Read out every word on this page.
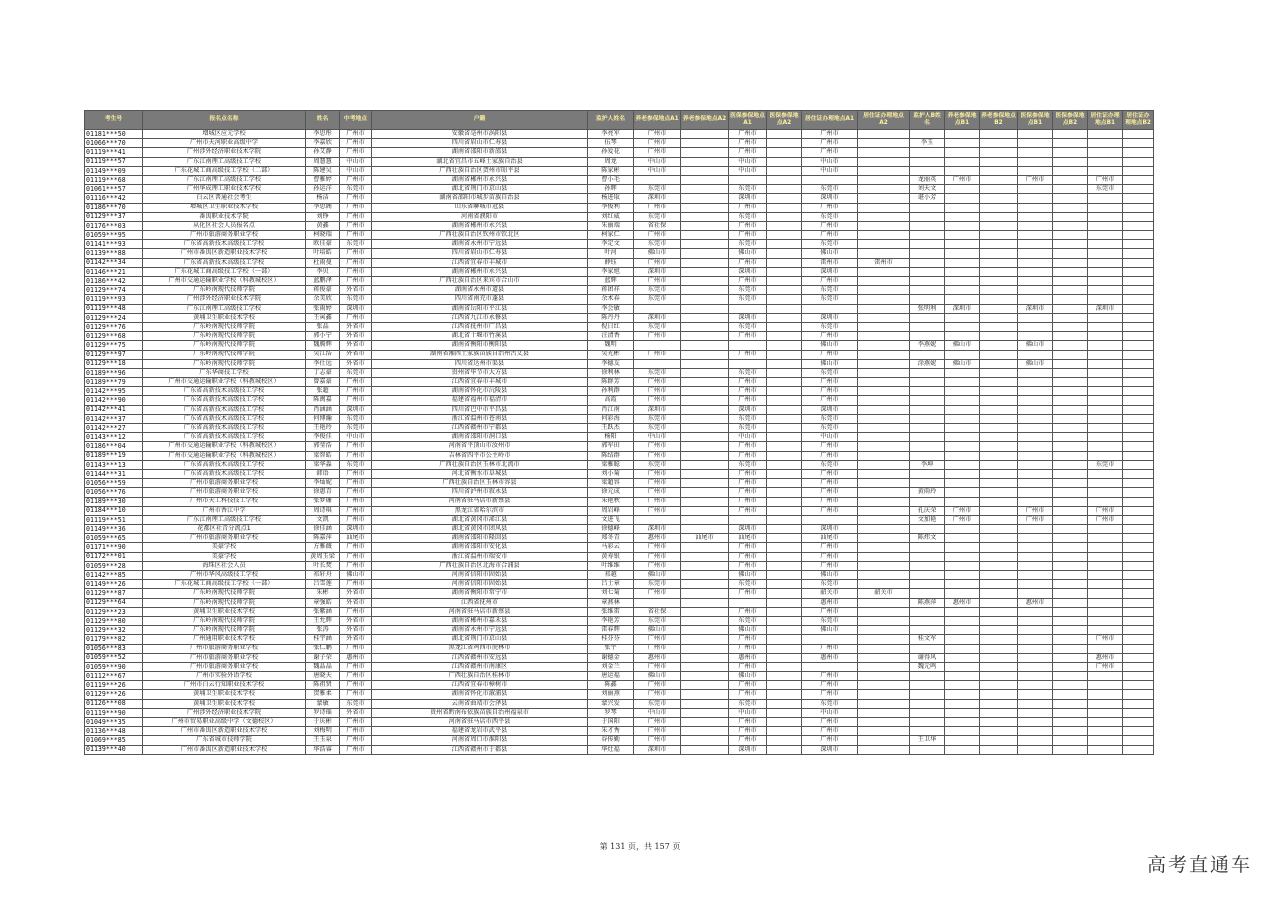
考生号	报名点名称	姓名	中考地点	户籍	监护人姓名	养老参保地点A1	养老参保地点A2	医保参保地点A1	医保参保地点A2	居住证办理地点A1	居住证办理地点A2	监护人B姓名	养老参保地点B1	养老参保地点B2	医保参保地点B1	医保参保地点B2	居住证办理地点B1	居住证办理地点B2
01181***50	增城区应元学校	李思彤	广州市	安徽省亳州市涡阳县	李亮军	广州市		广州市		广州市								
01066***70	广州市天河职业高级中学	李嘉欣	广州市	四川省眉山市仁寿县	伍琴	广州市		广州市		广州市		李玉						
01119***41	广州涉外经济职业技术学院	孙艾静	广州市	湖南省邵阳市新邵县	孙爱花	广州市		广州市		广州市								
01119***57	广东江南理工高级技工学校	周慧慧	中山市	湖北省宜昌市五峰土家族自治县	周龙	中山市		中山市		中山市								
01149***09	广东花城工商高级技工学校（二部）	陈建吴	中山市	广西壮族自治区贺州市昭平县	陈家彬	中山市		中山市		中山市								
01119***68	广东江南理工高级技工学校	曹雅婷	广州市	湖南省郴州市永兴县	曹小毛							龙丽英	广州市		广州市		广州市	
01061***57	广州华成理工职业技术学校	孙运洋	东莞市	湖北省荆门市京山县	孙辉	东莞市		东莞市		东莞市		刘天文					东莞市	
01116***42	白云区普通社会考生	杨洁	广州市	湖南省邵阳市城步苗族自治县	杨进取	深圳市		深圳市		深圳市		谌小芳						
01186***70	增城区卫生职业技术学校	李思阁	广州市	山东省聊城市冠县	李俊利	广州市		广州市		广州市								
01129***37	番禺职业技术学院	刘铮	广州市	河南省濮阳市	刘红威	东莞市		东莞市		东莞市								
01176***03	从化区社会人员报名点	黄鑫	广州市	湖南省郴州市永兴县	朱丽端	省社保		广州市		广州市								
01059***95	广州市旅游商务职业学校	柯晓瑞	广州市	广西壮族自治区钦州市钦北区	柯家仁	广州市		广州市		广州市								
01141***93	广东省高新技术高级技工学校	欧佳豪	东莞市	湖南省永州市宁远县	李定文	东莞市		东莞市		东莞市								
01139***88	广州市番禺区新造职业技术学校	叶培皓	广州市	四川省眉山市仁寿县	叶河	佛山市		佛山市		佛山市								
01142***34	广东省高新技术高级技工学校	杜雨曼	广州市	江西省宜春市丰城市	薛钰	广州市		广州市		雷州市	雷州市							
01146***21	广东花城工商高级技工学校（一部）	李贝	广州市	湖南省郴州市永兴县	李家旭	深圳市		深圳市		深圳市								
01186***42	广州市交通运输职业学校（科教城校区）	蓝鹏泽	广州市	广西壮族自治区来宾市合山市	蓝辉	广州市		广州市		广州市								
01129***74	广东岭南现代技师学院	蒋俊豪	外省市	湖南省永州市道县	蒋团祥	东莞市		东莞市		东莞市								
01119***93	广州涉外经济职业技术学院	余美欣	东莞市	四川省南充市蓬县	余术春	东莞市		东莞市		东莞市								
01119***48	广东江南理工高级技工学校	张雨婷	深圳市	湖南省岳阳市平江县	李会敏							张明利	深圳市		深圳市		深圳市	
01129***24	黄埔卫生职业技术学校	王寅鑫	广州市	江西省九江市永修县	陈丹丹	深圳市		深圳市		深圳市								
01129***76	广东岭南现代技师学院	张晶	外省市	江西省抚州市广昌县	倪日红	东莞市		东莞市		东莞市								
01129***68	广东岭南现代技师学院	郭小宁	外省市	湖北省十堰市竹溪县	汪清香	广州市		广州市		广州市								
01129***75	广东岭南现代技师学院	魏腾辉	外省市	湖南省衡阳市衡阳县	魏明					佛山市		李燕妮	佛山市		佛山市			
01129***97	广东岭南现代技师学院	吴江浩	外省市	湖南省湘西土家族苗族自治州古丈县	吴光彬	广州市		广州市		广州市								
01129***18	广东岭南现代技师学院	李仕远	外省市	四川省达州市渠县	李德友					佛山市		涂燕妮	佛山市		佛山市			
01189***96	广东华商技工学校	丁志豪	东莞市	贵州省毕节市大方县	徐利林	东莞市		东莞市		东莞市								
01189***79	广州市交通运输职业学校（科教城校区）	曾嘉豪	广州市	江西省宜春市丰城市	陈群芳	广州市		广州市		广州市								
01142***95	广东省高新技术高级技工学校	张超	广州市	湖南省怀化市沅陵县	孙利群	广州市		广州市		广州市								
01142***90	广东省高新技术高级技工学校	陈闽嘉	广州市	福建省福州市福清市	高霞	广州市		广州市		广州市								
01142***41	广东省高新技术高级技工学校	肖涵涵	深圳市	四川省巴中市平昌县	肖江南	深圳市		深圳市		深圳市								
01142***37	广东省高新技术高级技工学校	何博瀚	东莞市	浙江省温州市苍南县	何彩海	东莞市		东莞市		东莞市								
01142***27	广东省高新技术高级技工学校	王艳玲	东莞市	江西省赣州市宁都县	王跃杰	东莞市		东莞市		东莞市								
01143***12	广东省高新技术高级技工学校	李俊佳	中山市	湖南省邵阳市洞口县	杨阳	中山市		中山市		中山市								
01186***04	广州市交通运输职业学校（科教城校区）	郭莹浩	广州市	河南省平顶山市汝州市	郭军田	广州市		广州市		广州市								
01189***19	广州市交通运输职业学校（科教城校区）	梁智皓	广州市	吉林省四平市公主岭市	陈结群	广州市		广州市		广州市								
01143***13	广东省高新技术高级技工学校	梁华淼	东莞市	广西壮族自治区玉林市北流市	梁雅聪	东莞市		东莞市		东莞市		李坤					东莞市	
01144***31	广东省高新技术高级技工学校	韩语	广州市	河北省衡水市阜城县	刘小菊	广州市		广州市		广州市								
01056***59	广州市旅游商务职业学校	李灿妮	广州市	广西壮族自治区玉林市容县	梁超容	广州市		广州市		广州市								
01056***76	广州市旅游商务职业学校	徐惠青	广州市	四川省泸州市叙永县	徐元成	广州市		广州市		广州市		黄雨玲						
01189***30	广州市天工科技技工学校	张梦珊	广州市	河南省驻马店市新蔡县	朱艳秋	广州市		广州市		广州市								
01184***10	广州市香江中学	周诗琪	广州市	黑龙江省哈尔滨市	周岩峰	广州市		广州市		广州市		孔庆荣	广州市		广州市		广州市	
01119***51	广东江南理工高级技工学校	文凯	广州市	湖北省黄冈市浠江县	文进飞							文加艳	广州市		广州市		广州市	
01149***36	花都区社青分流点1	徐佳涵	深圳市	湖北省黄冈市团风县	徐德峰	深圳市		深圳市		深圳市								
01059***65	广州市旅游商务职业学校	陈嘉萍	汕尾市	湖南省邵阳市隆回县	郑冬青	惠州市	汕尾市	汕尾市		汕尾市		陈炜文						
01171***90	美豪学校	方雅薇	广州市	湖南省邵阳市安化县	马彩云	广州市		广州市		广州市								
01172***01	美豪学校	黄周玉梁	广州市	浙江省温州市瑞安市	黄寿银	广州市		广州市		广州市								
01059***28	海珠区社会人员	叶长焚	广州市	广西壮族自治区北海市合浦县	叶维维	广州市		广州市		广州市								
01142***85	广州市华风高级技工学校	祁轩舟	佛山市	河南省信阳市固始县	祁越	佛山市		佛山市		佛山市								
01149***26	广东花城工商高级技工学校（一部）	吕雪莲	广州市	河南省信阳市固始县	吕士章	东莞市		东莞市		东莞市								
01129***87	广东岭南现代技师学院	朱彬	外省市	湖南省衡阳市常宁市	刘七菊	广州市		广州市		韶关市	韶关市							
01129***64	广东岭南现代技师学院	章强皓	外省市	江西省抚州市	章燕林					惠州市		陈燕萍	惠州市		惠州市			
01129***23	黄埔卫生职业技术学校	张紫涵	广州市	河南省驻马店市新蔡县	张维雷	省社保		广州市		广州市								
01129***80	广东岭南现代技师学院	王允辉	外省市	湖南省郴州市嘉禾县	李艳芳	东莞市		东莞市		东莞市								
01129***32	广东岭南现代技师学院	张涛	外省市	湖南省永州市宁远县	雷春辉	佛山市		佛山市		佛山市								
01179***82	广州通用职业技术学校	桂宇涵	外省市	湖北省荆门市京山县	桂芬芬	广州市		广州市				桂文军					广州市	
01056***83	广州市旅游商务职业学校	张仁鹏	广州市	黑龙江省鸡西市虎林市	张宇	广州市		广州市		广州市								
01059***52	广州市旅游商务职业学校	谢子荣	惠州市	江西省赣州市安远县	谢德金	惠州市		惠州市		惠州市		谢得风					惠州市	
01059***90	广州市旅游商务职业学校	魏晶晶	广州市	江西省赣州市南康区	刘金兰	广州市		广州市				魏元鸣					广州市	
01112***67	广州市实验外语学校	唐晓天	广州市	广西壮族自治区桂林市	唐运福	佛山市		佛山市		广州市								
01119***26	广州市白云行知职业技术学校	陈祖贤	广州市	江西省宜春市樟树市	陈鑫	广州市		广州市		广州市								
01129***26	黄埔卫生职业技术学校	贺雅柔	广州市	湖南省怀化市溆浦县	刘丽燕	广州市		广州市		广州市								
01126***08	黄埔卫生职业技术学校	蒙敏	东莞市	云南省曲靖市会泽县	蒙兴发	东莞市		东莞市		东莞市								
01119***90	广州涉外经济职业技术学院	罗诗瑶	外省市	贵州省黔南布依族苗族自治州福泉市	罗琴	中山市		中山市		中山市								
01049***35	广州市贸易职业高级中学（文德校区）	于庆彬	广州市	河南省驻马店市西平县	于国阳	广州市		广州市		广州市								
01136***48	广州市番禺区新造职业技术学校	刘梅明	广州市	福建省龙岩市武平县	朱才秀	广州市		广州市		广州市								
01069***85	广东省城市技师学院	王玉泉	广州市	河南省周口市淮阳县	谷传勤	广州市		广州市		广州市		王卫华						
01139***40	广州市番禺区新造职业技术学校	华浩睿	广州市	江西省赣州市于都县	华灶福	深圳市		深圳市		深圳市								
第 131 页，共 157 页
高考直通车
